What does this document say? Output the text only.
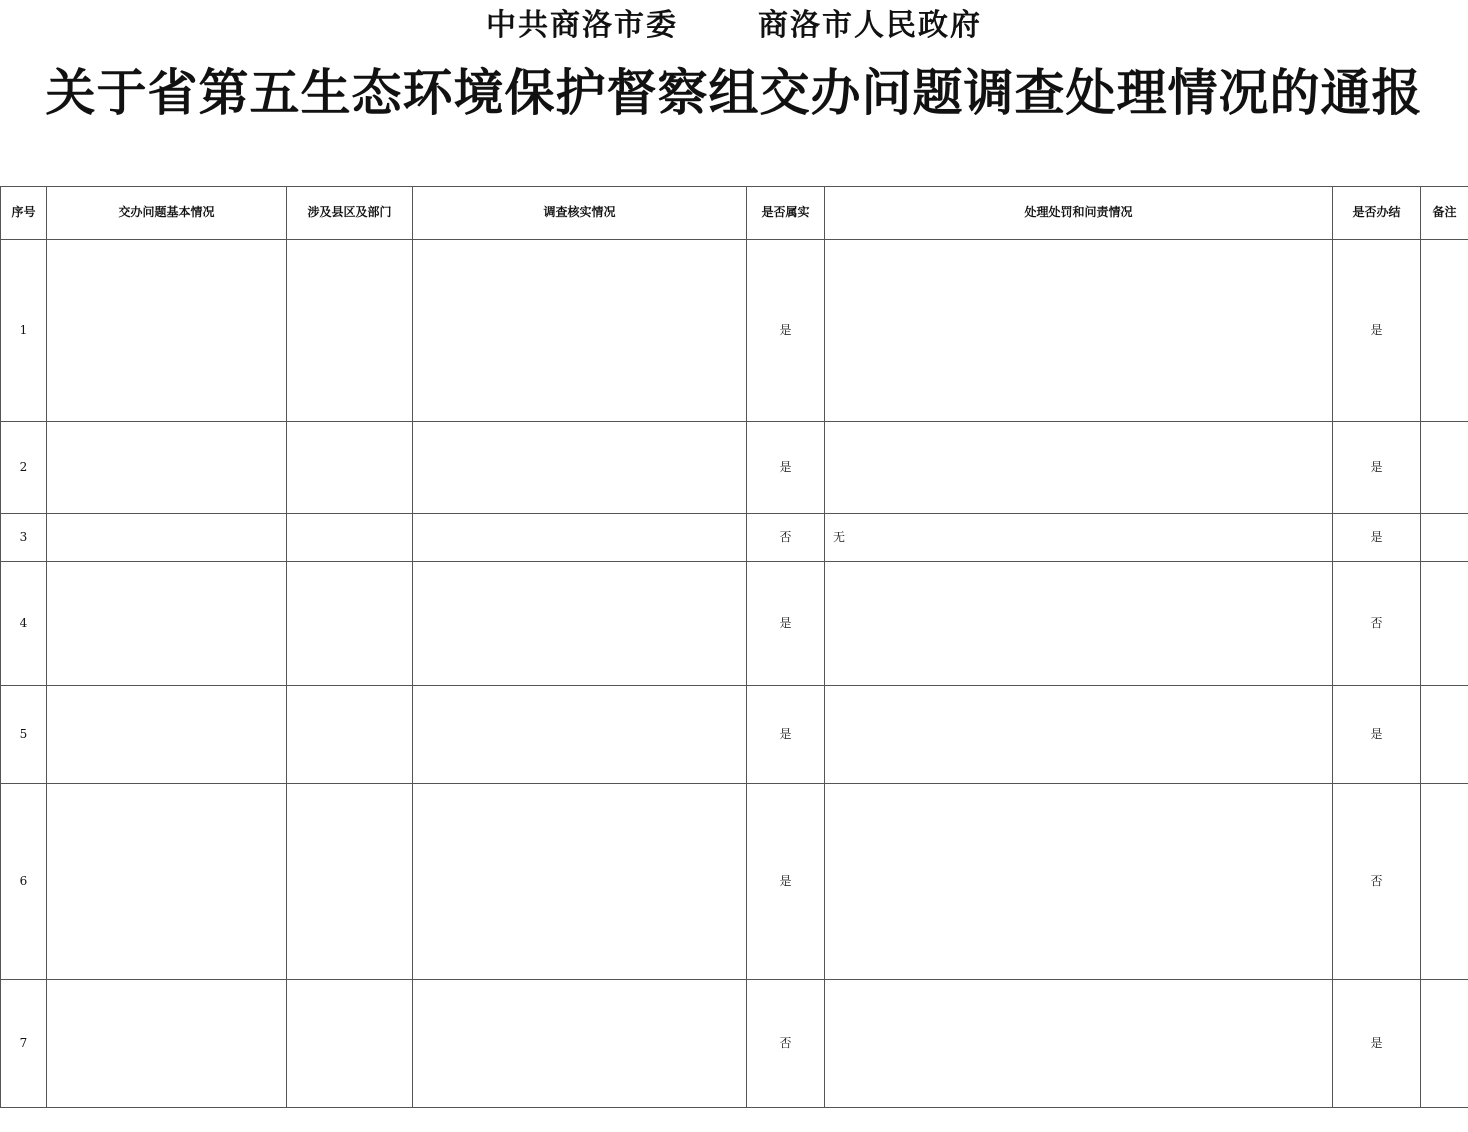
中共商洛市委	商洛市人民政府
关于省第五生态环境保护督察组交办问题调查处理情况的通报
序号	交办问题基本情况	涉及县区及部门	调查核实情况	是否属实	处理处罚和问责情况	是否办结	备注
1				是		是	
2				是		是	
3				否	无	是	
4				是		否	
5				是		是	
6				是		否	
7				否		是	
